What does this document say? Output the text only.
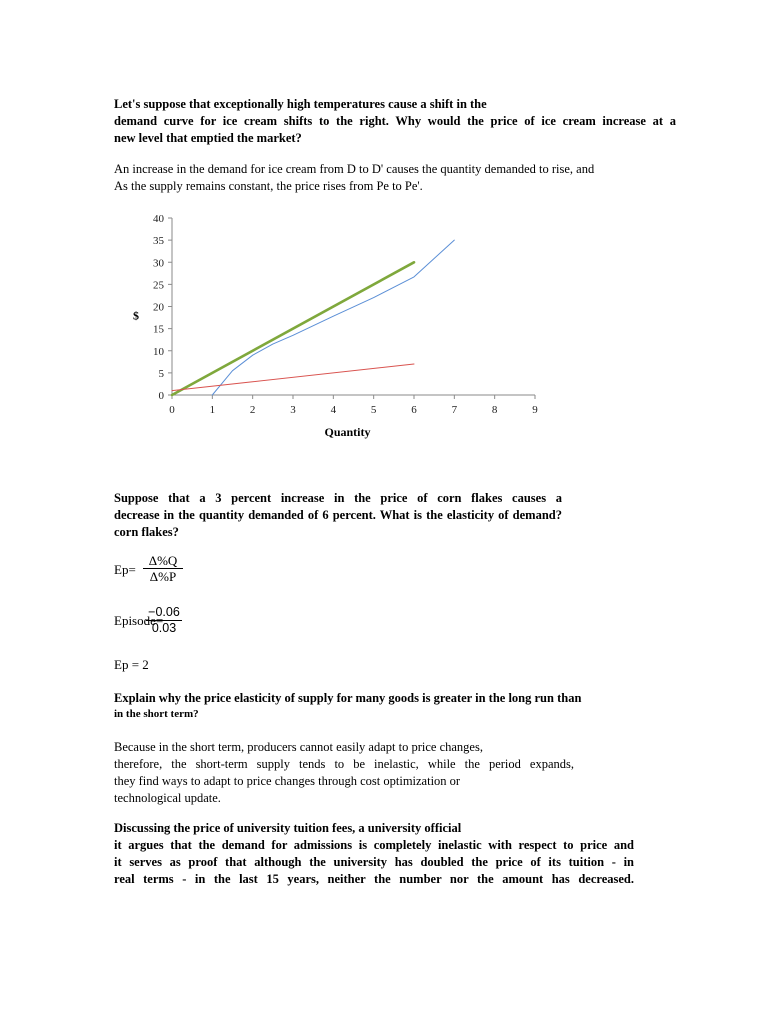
Let's suppose that exceptionally high temperatures cause a shift in the
demand curve for ice cream shifts to the right. Why would the price of ice cream increase at a
new level that emptied the market?
An increase in the demand for ice cream from D to D' causes the quantity demanded to rise, and
As the supply remains constant, the price rises from Pe to Pe'.
0
5
10
15
20
25
30
35
40
0	1	2	3	4	5	6	7	8	9
Quantity
$
Suppose that a 3 percent increase in the price of corn flakes causes a
decrease in the quantity demanded of 6 percent. What is the elasticity of demand?
corn flakes?
Ep=
Δ%Q
Δ%P
Episode=
−0.06
0.03
Ep = 2
Explain why the price elasticity of supply for many goods is greater in the long run than
in the short term?
Because in the short term, producers cannot easily adapt to price changes,
therefore, the short-term supply tends to be inelastic, while the period expands,
they find ways to adapt to price changes through cost optimization or
technological update.
Discussing the price of university tuition fees, a university official
it argues that the demand for admissions is completely inelastic with respect to price and
it serves as proof that although the university has doubled the price of its tuition - in
real terms - in the last 15 years, neither the number nor the amount has decreased.
